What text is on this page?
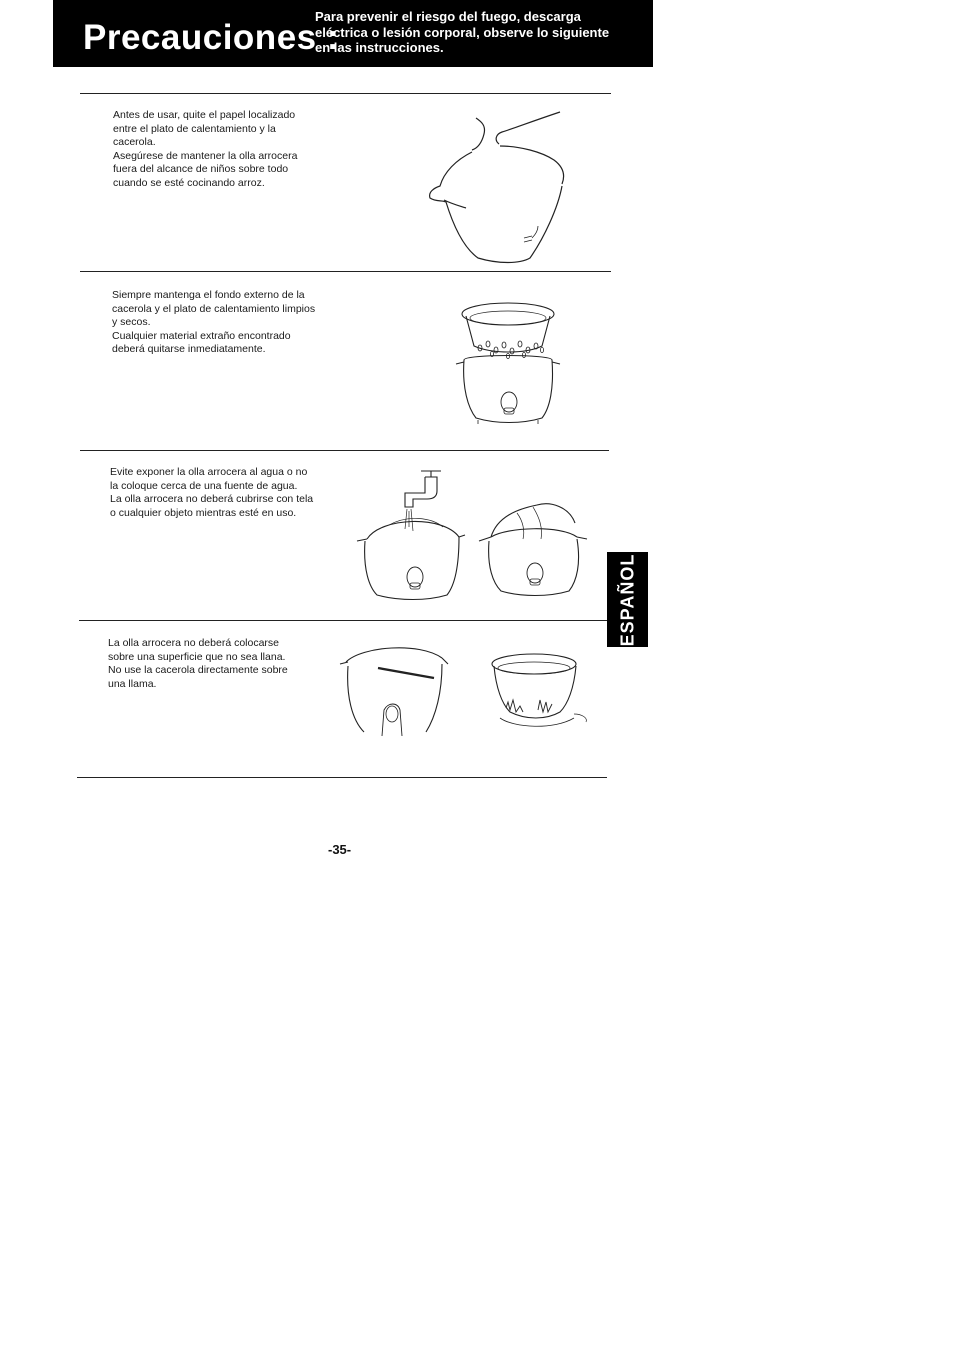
Precauciones :
Para prevenir el riesgo del fuego, descarga
eléctrica o lesión corporal, observe lo siguiente
en las instrucciones.
Antes de usar, quite el papel localizado
entre el plato de calentamiento y la
cacerola.
Asegúrese de mantener la olla arrocera
fuera del alcance de niños sobre todo
cuando se esté cocinando arroz.
Siempre mantenga el fondo externo de la
cacerola y el plato de calentamiento limpios
y secos.
Cualquier material extraño encontrado
deberá quitarse inmediatamente.
Evite exponer la olla arrocera al agua o no
la coloque cerca de una fuente de agua.
La olla arrocera no deberá cubrirse con tela
o cualquier objeto mientras esté en uso.
La olla arrocera no deberá colocarse
sobre una superficie que no sea llana.
No use la cacerola directamente sobre
una llama.
ESPAÑOL
-35-
